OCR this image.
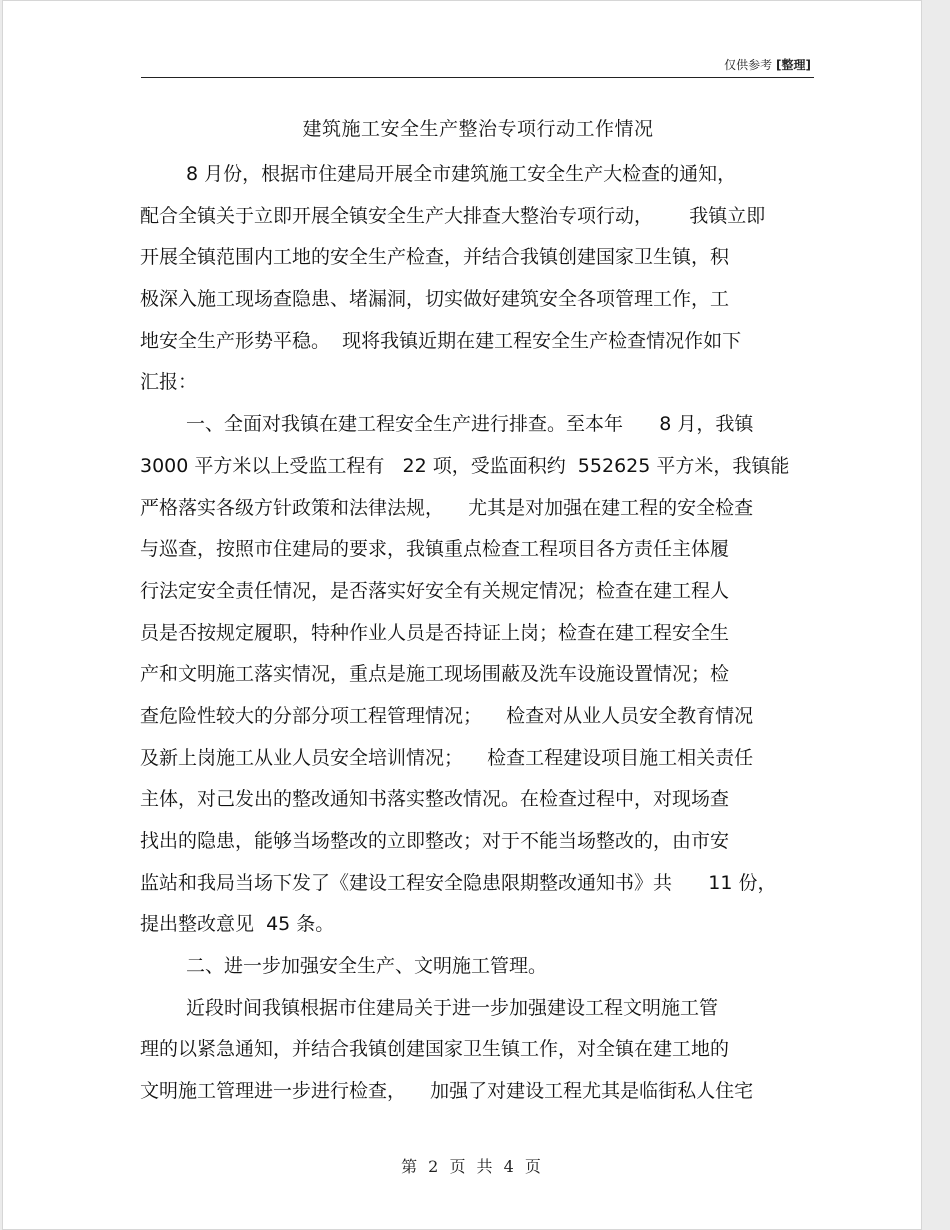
仅供参考 [整理]
建筑施工安全生产整治专项行动工作情况
8 月份，根据市住建局开展全市建筑施工安全生产大检查的通知，
配合全镇关于立即开展全镇安全生产大排查大整治专项行动，      我镇立即
开展全镇范围内工地的安全生产检查，并结合我镇创建国家卫生镇，积
极深入施工现场查隐患、堵漏洞，切实做好建筑安全各项管理工作，工
地安全生产形势平稳。  现将我镇近期在建工程安全生产检查情况作如下
汇报：
一、全面对我镇在建工程安全生产进行排查。至本年      8 月，我镇
3000 平方米以上受监工程有   22 项，受监面积约  552625 平方米，我镇能
严格落实各级方针政策和法律法规，    尤其是对加强在建工程的安全检查
与巡查，按照市住建局的要求，我镇重点检查工程项目各方责任主体履
行法定安全责任情况，是否落实好安全有关规定情况；检查在建工程人
员是否按规定履职，特种作业人员是否持证上岗；检查在建工程安全生
产和文明施工落实情况，重点是施工现场围蔽及洗车设施设置情况；检
查危险性较大的分部分项工程管理情况；    检查对从业人员安全教育情况
及新上岗施工从业人员安全培训情况；    检查工程建设项目施工相关责任
主体，对己发出的整改通知书落实整改情况。在检查过程中，对现场查
找出的隐患，能够当场整改的立即整改；对于不能当场整改的，由市安
监站和我局当场下发了《建设工程安全隐患限期整改通知书》共      11 份，
提出整改意见  45 条。
二、进一步加强安全生产、文明施工管理。
近段时间我镇根据市住建局关于进一步加强建设工程文明施工管
理的以紧急通知，并结合我镇创建国家卫生镇工作，对全镇在建工地的
文明施工管理进一步进行检查，    加强了对建设工程尤其是临街私人住宅
第 2 页 共 4 页
